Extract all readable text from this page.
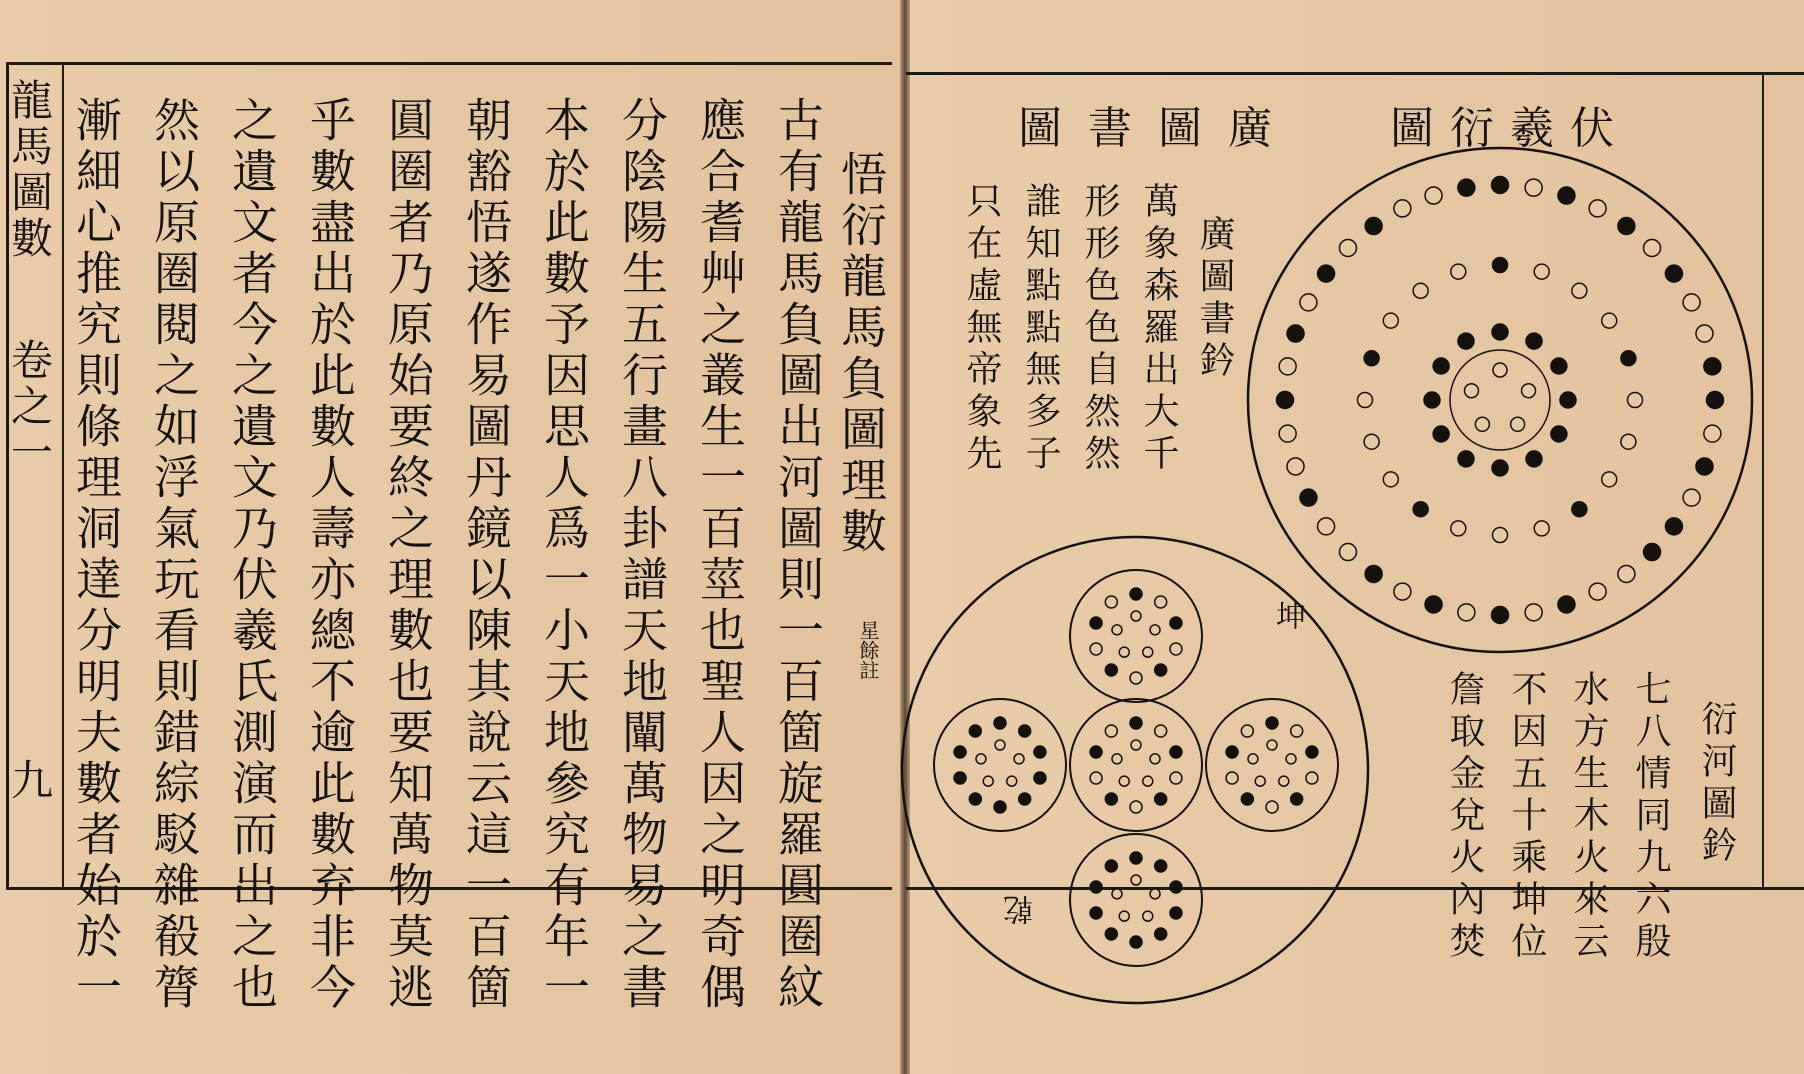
龍馬圖數
卷之一
九
悟衍龍馬負圖理數
星餘註
古有龍馬負圖出河圖則一百箇旋羅圓圈紋
應合耆艸之叢生一百莖也聖人因之明奇偶
分陰陽生五行畫八卦譜天地闡萬物易之書
本於此數予因思人爲一小天地參究有年一
朝豁悟遂作易圖丹鏡以陳其說云這一百箇
圓圈者乃原始要終之理數也要知萬物莫逃
乎數盡出於此數人壽亦總不逾此數弃非今
之遺文者今之遺文乃伏羲氏測演而出之也
然以原圈閱之如浮氣玩看則錯綜駁雜殽膂
漸細心推究則條理洞達分明夫數者始於一	伏羲衍圖
廣圖書圖
廣圖書鈐
萬象森羅出大千
形形色色自然然
誰知點點無多子
只在虛無帝象先
衍河圖鈐
七八情同九六殷
水方生木火來云
不因五十乘坤位
詹取金兌火內焚
坤
乾
